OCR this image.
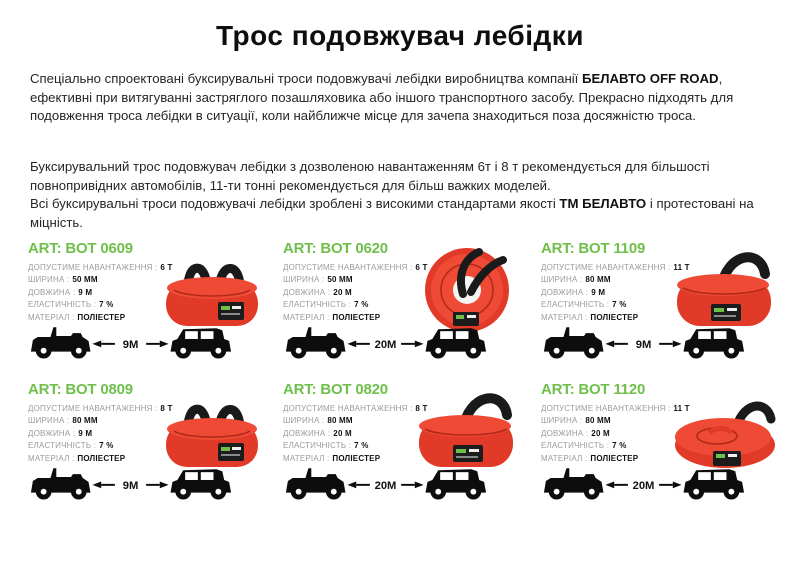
Трос подовжувач лебідки
Спеціально спроектовані буксирувальні троси подовжувачі лебідки виробництва компанії БЕЛАВТО OFF ROAD, ефективні при витягуванні застряглого позашляховика або іншого транспортного засобу. Прекрасно підходять для подовження троса лебідки в ситуації, коли найближче місце для зачепа знаходиться поза досяжністю троса.
Буксирувальний трос подовжувач лебідки з дозволеною навантаженням 6т і 8 т рекомендується для більшості повнопривідних автомобілів, 11-ти тонні рекомендується для більш важких моделей.
Всі буксирувальні троси подовжувачі лебідки зроблені з високими стандартами якості ТМ БЕЛАВТО і протестовані на міцність.
ART: BOT 0609
ДОПУСТИМЕ НАВАНТАЖЕННЯ : 6 Т
ШИРИНА : 50 ММ
ДОВЖИНА : 9 М
ЕЛАСТИЧНІСТЬ : 7 %
МАТЕРІАЛ : ПОЛІЕСТЕР
9М
ART: BOT 0620
ДОПУСТИМЕ НАВАНТАЖЕННЯ : 6 Т
ШИРИНА : 50 ММ
ДОВЖИНА : 20 М
ЕЛАСТИЧНІСТЬ : 7 %
МАТЕРІАЛ : ПОЛІЕСТЕР
20М
ART: BOT 1109
ДОПУСТИМЕ НАВАНТАЖЕННЯ : 11 Т
ШИРИНА : 80 ММ
ДОВЖИНА : 9 М
ЕЛАСТИЧНІСТЬ : 7 %
МАТЕРІАЛ : ПОЛІЕСТЕР
9М
ART: BOT 0809
ДОПУСТИМЕ НАВАНТАЖЕННЯ : 8 Т
ШИРИНА : 80 ММ
ДОВЖИНА : 9 М
ЕЛАСТИЧНІСТЬ : 7 %
МАТЕРІАЛ : ПОЛІЕСТЕР
9М
ART: BOT 0820
ДОПУСТИМЕ НАВАНТАЖЕННЯ : 8 Т
ШИРИНА : 80 ММ
ДОВЖИНА : 20 М
ЕЛАСТИЧНІСТЬ : 7 %
МАТЕРІАЛ : ПОЛІЕСТЕР
20М
ART: BOT 1120
ДОПУСТИМЕ НАВАНТАЖЕННЯ : 11 Т
ШИРИНА : 80 ММ
ДОВЖИНА : 20 М
ЕЛАСТИЧНІСТЬ : 7 %
МАТЕРІАЛ : ПОЛІЕСТЕР
20М
